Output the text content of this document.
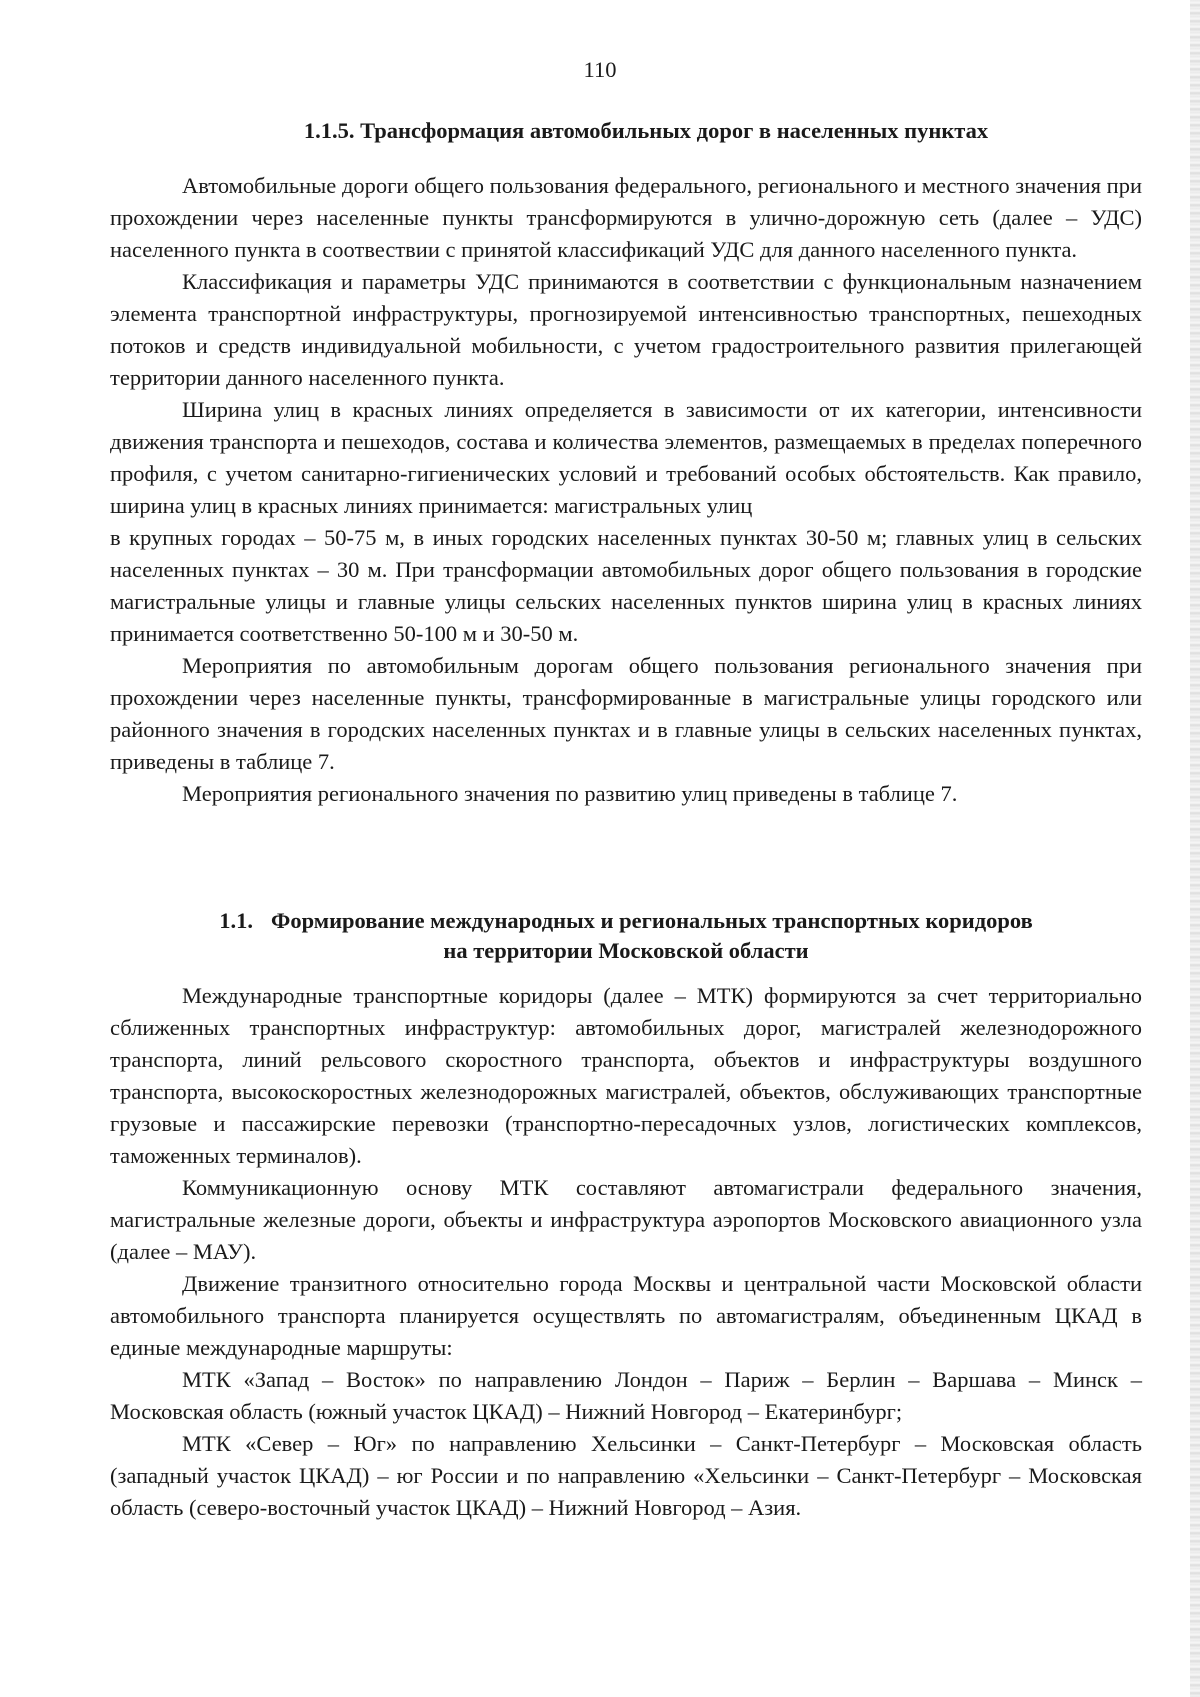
110
1.1.5. Трансформация автомобильных дорог в населенных пунктах

Автомобильные дороги общего пользования федерального, регионального и местного значения при прохождении через населенные пункты трансформируются в улично-дорожную сеть (далее – УДС) населенного пункта в соотвествии с принятой классификаций УДС для данного населенного пункта.

Классификация и параметры УДС принимаются в соответствии с функциональным назначением элемента транспортной инфраструктуры, прогнозируемой интенсивностью транспортных, пешеходных потоков и средств индивидуальной мобильности, с учетом градостроительного развития прилегающей территории данного населенного пункта.

Ширина улиц в красных линиях определяется в зависимости от их категории, интенсивности движения транспорта и пешеходов, состава и количества элементов, размещаемых в пределах поперечного профиля, с учетом санитарно-гигиенических условий и требований особых обстоятельств. Как правило, ширина улиц в красных линиях принимается: магистральных улиц

в крупных городах – 50-75 м, в иных городских населенных пунктах 30-50 м; главных улиц в сельских населенных пунктах – 30 м. При трансформации автомобильных дорог общего пользования в городские магистральные улицы и главные улицы сельских населенных пунктов ширина улиц в красных линиях принимается соответственно 50-100 м и 30-50 м.

Мероприятия по автомобильным дорогам общего пользования регионального значения при прохождении через населенные пункты, трансформированные в магистральные улицы городского или районного значения в городских населенных пунктах и в главные улицы в сельских населенных пунктах, приведены в таблице 7.

Мероприятия регионального значения по развитию улиц приведены в таблице 7.

1.1. Формирование международных и региональных транспортных коридоров
на территории Московской области

Международные транспортные коридоры (далее – МТК) формируются за счет территориально сближенных транспортных инфраструктур: автомобильных дорог, магистралей железнодорожного транспорта, линий рельсового скоростного транспорта, объектов и инфраструктуры воздушного транспорта, высокоскоростных железнодорожных магистралей, объектов, обслуживающих транспортные грузовые и пассажирские перевозки (транспортно-пересадочных узлов, логистических комплексов, таможенных терминалов).

Коммуникационную основу МТК составляют автомагистрали федерального значения, магистральные железные дороги, объекты и инфраструктура аэропортов Московского авиационного узла (далее – МАУ).

Движение транзитного относительно города Москвы и центральной части Московской области автомобильного транспорта планируется осуществлять по автомагистралям, объединенным ЦКАД в единые международные маршруты:

МТК «Запад – Восток» по направлению Лондон – Париж – Берлин – Варшава – Минск – Московская область (южный участок ЦКАД) – Нижний Новгород – Екатеринбург;

МТК «Север – Юг» по направлению Хельсинки – Санкт-Петербург – Московская область (западный участок ЦКАД) – юг России и по направлению «Хельсинки – Санкт-Петербург – Московская область (северо-восточный участок ЦКАД) – Нижний Новгород – Азия.
